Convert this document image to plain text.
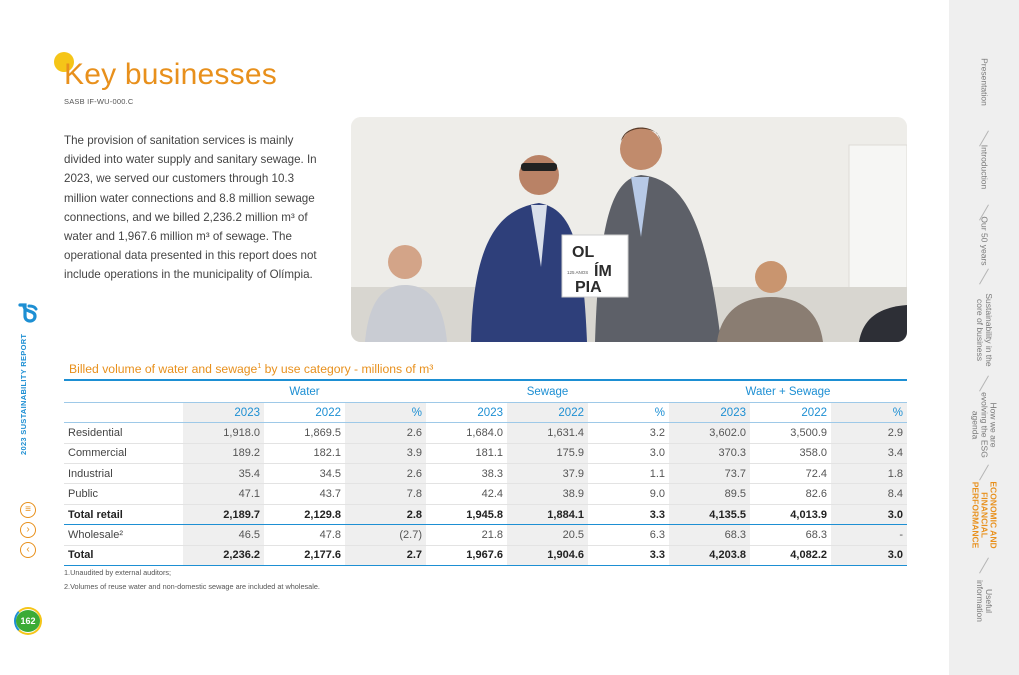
2023 SUSTAINABILITY REPORT
≡
›
‹
162
Presentation
Introduction
Our 50 years
Sustainability in the core of business
How we are evolving the ESG agenda
ECONOMIC AND FINANCIAL PERFORMANCE
Useful information
Key businesses
SASB IF-WU-000.C

The provision of sanitation services is mainly divided into water supply and sanitary sewage. In 2023, we served our customers through 10.3 million water connections and 8.8 million sewage connections, and we billed 2,236.2 million m³ of water and 1,967.6 million m³ of sewage. The operational data presented in this report does not include operations in the municipality of Olímpia.

OL
125 ANOS ÍM
PIA
Billed volume of water and sewage$^1$ by use category - millions of m³
	Water			Sewage			Water + Sewage		
	2023	2022	%	2023	2022	%	2023	2022	%
Residential	1,918.0	1,869.5	2.6	1,684.0	1,631.4	3.2	3,602.0	3,500.9	2.9
Commercial	189.2	182.1	3.9	181.1	175.9	3.0	370.3	358.0	3.4
Industrial	35.4	34.5	2.6	38.3	37.9	1.1	73.7	72.4	1.8
Public	47.1	43.7	7.8	42.4	38.9	9.0	89.5	82.6	8.4
Total retail	2,189.7	2,129.8	2.8	1,945.8	1,884.1	3.3	4,135.5	4,013.9	3.0
Wholesale²	46.5	47.8	(2.7)	21.8	20.5	6.3	68.3	68.3	-
Total	2,236.2	2,177.6	2.7	1,967.6	1,904.6	3.3	4,203.8	4,082.2	3.0
1.Unaudited by external auditors;
2.Volumes of reuse water and non-domestic sewage are included at wholesale.
